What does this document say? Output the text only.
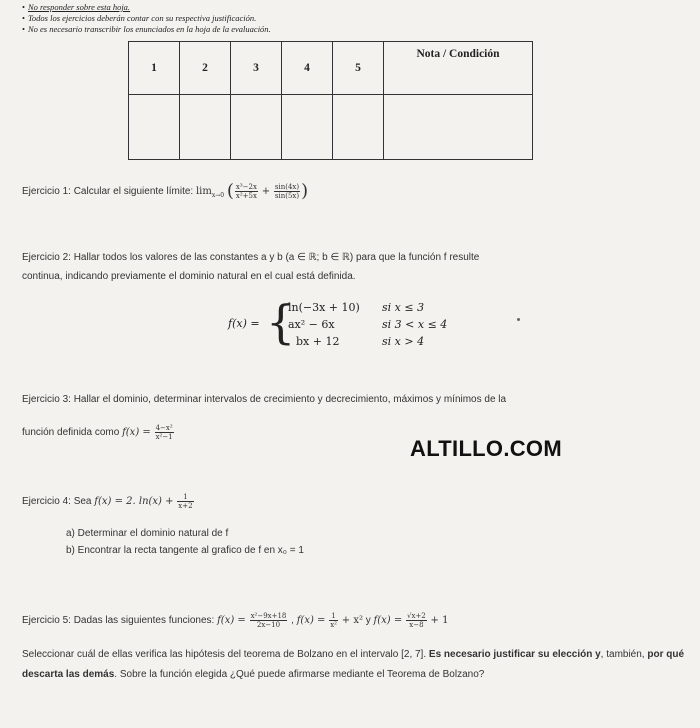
• No responder sobre esta hoja.
• Todos los ejercicios deberán contar con su respectiva justificación.
• No es necesario transcribir los enunciados en la hoja de la evaluación.
1	2	3	4	5	Nota / Condición

Ejercicio 1: Calcular el siguiente límite: $\lim_{x\to 0}$ ( $\frac{\text{x³−2x}}{\text{x²+5x}} + \frac{\sin(4x)}{\sin(5x)}$ )
Ejercicio 2: Hallar todos los valores de las constantes a y b (a ∈ ℝ; b ∈ ℝ) para que la función f resulte
continua, indicando previamente el dominio natural en el cual está definida.
f(x) = {
ln(−3x + 10) si x ≤ 3
ax² − 6x	si 3 < x ≤ 4
bx + 12	si x > 4
Ejercicio 3: Hallar el dominio, determinar intervalos de crecimiento y decrecimiento, máximos y mínimos de la
función definida como $f(x) = \frac{\text{4−x²}}{\text{x²−1}}$
ALTILLO.COM
Ejercicio 4: Sea f(x) = 2. $\ln(x) + \frac{1}{x+2}$
a) Determinar el dominio natural de f
b) Encontrar la recta tangente al grafico de f en x₀ = 1
Ejercicio 5: Dadas las siguientes funciones: $f(x) = \frac{\text{x²−9x+18}}{2x-10}$ , $f(x) = \frac{1}{\text{x²}} + x^2$ y $f(x) = \frac{√x+2}{x-8} + 1$
Seleccionar cuál de ellas verifica las hipótesis del teorema de Bolzano en el intervalo [2, 7]. Es necesario justificar su elección y, también, por qué descarta las demás. Sobre la función elegida ¿Qué puede afirmarse mediante el Teorema de Bolzano?
